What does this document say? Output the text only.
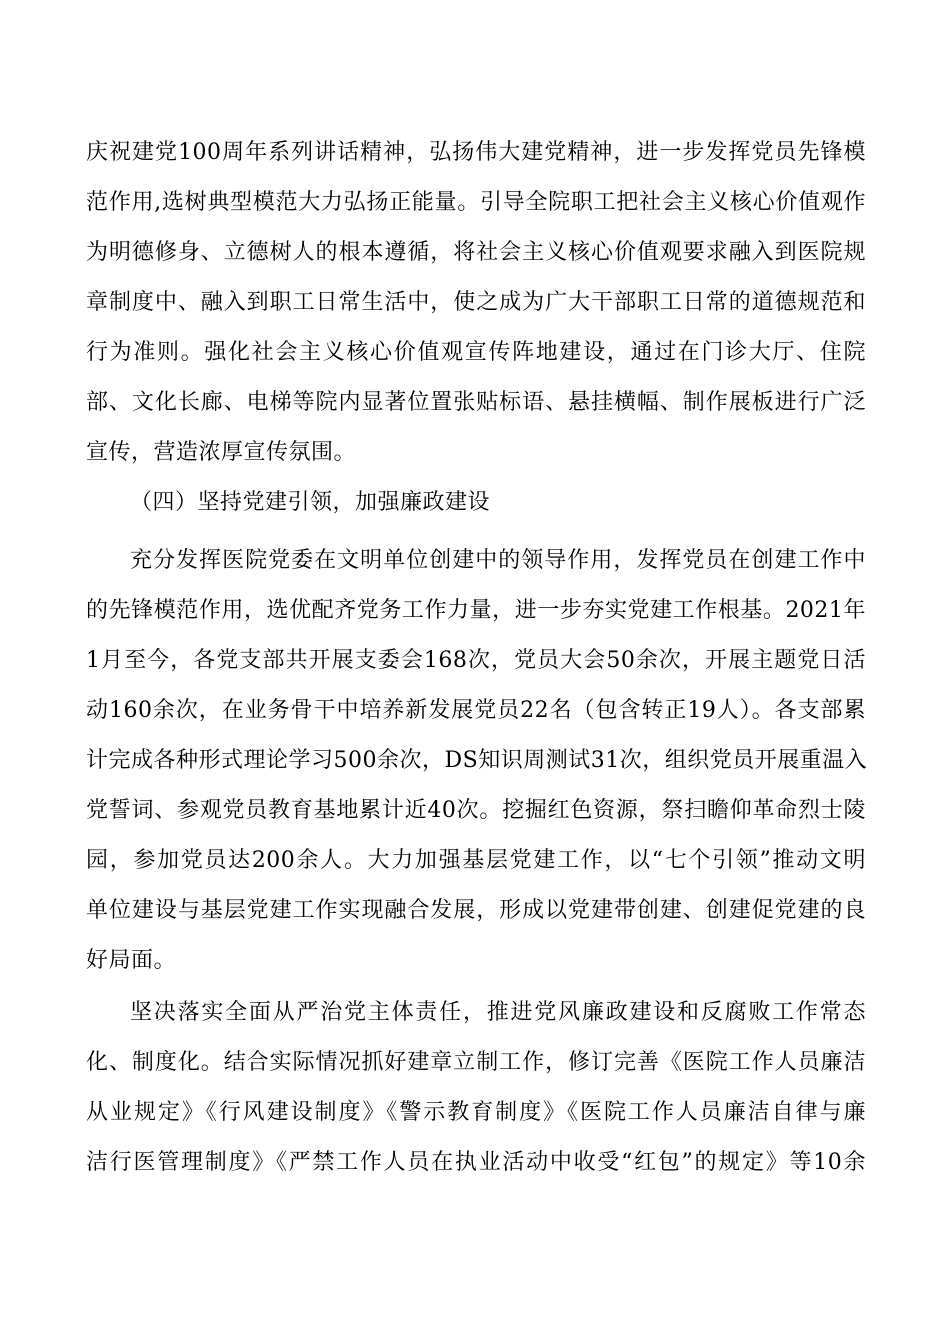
庆祝建党100周年系列讲话精神，弘扬伟大建党精神，进一步发挥党员先锋模
范作用,选树典型模范大力弘扬正能量。引导全院职工把社会主义核心价值观作
为明德修身、立德树人的根本遵循，将社会主义核心价值观要求融入到医院规
章制度中、融入到职工日常生活中，使之成为广大干部职工日常的道德规范和
行为准则。强化社会主义核心价值观宣传阵地建设，通过在门诊大厅、住院
部、文化长廊、电梯等院内显著位置张贴标语、悬挂横幅、制作展板进行广泛
宣传，营造浓厚宣传氛围。
（四）坚持党建引领，加强廉政建设
充分发挥医院党委在文明单位创建中的领导作用，发挥党员在创建工作中
的先锋模范作用，选优配齐党务工作力量，进一步夯实党建工作根基。2021年
1月至今，各党支部共开展支委会168次，党员大会50余次，开展主题党日活
动160余次，在业务骨干中培养新发展党员22名（包含转正19人）。各支部累
计完成各种形式理论学习500余次，DS知识周测试31次，组织党员开展重温入
党誓词、参观党员教育基地累计近40次。挖掘红色资源，祭扫瞻仰革命烈士陵
园，参加党员达200余人。大力加强基层党建工作，以“七个引领”推动文明
单位建设与基层党建工作实现融合发展，形成以党建带创建、创建促党建的良
好局面。
坚决落实全面从严治党主体责任，推进党风廉政建设和反腐败工作常态
化、制度化。结合实际情况抓好建章立制工作，修订完善《医院工作人员廉洁
从业规定》《行风建设制度》《警示教育制度》《医院工作人员廉洁自律与廉
洁行医管理制度》《严禁工作人员在执业活动中收受“红包”的规定》等10余
